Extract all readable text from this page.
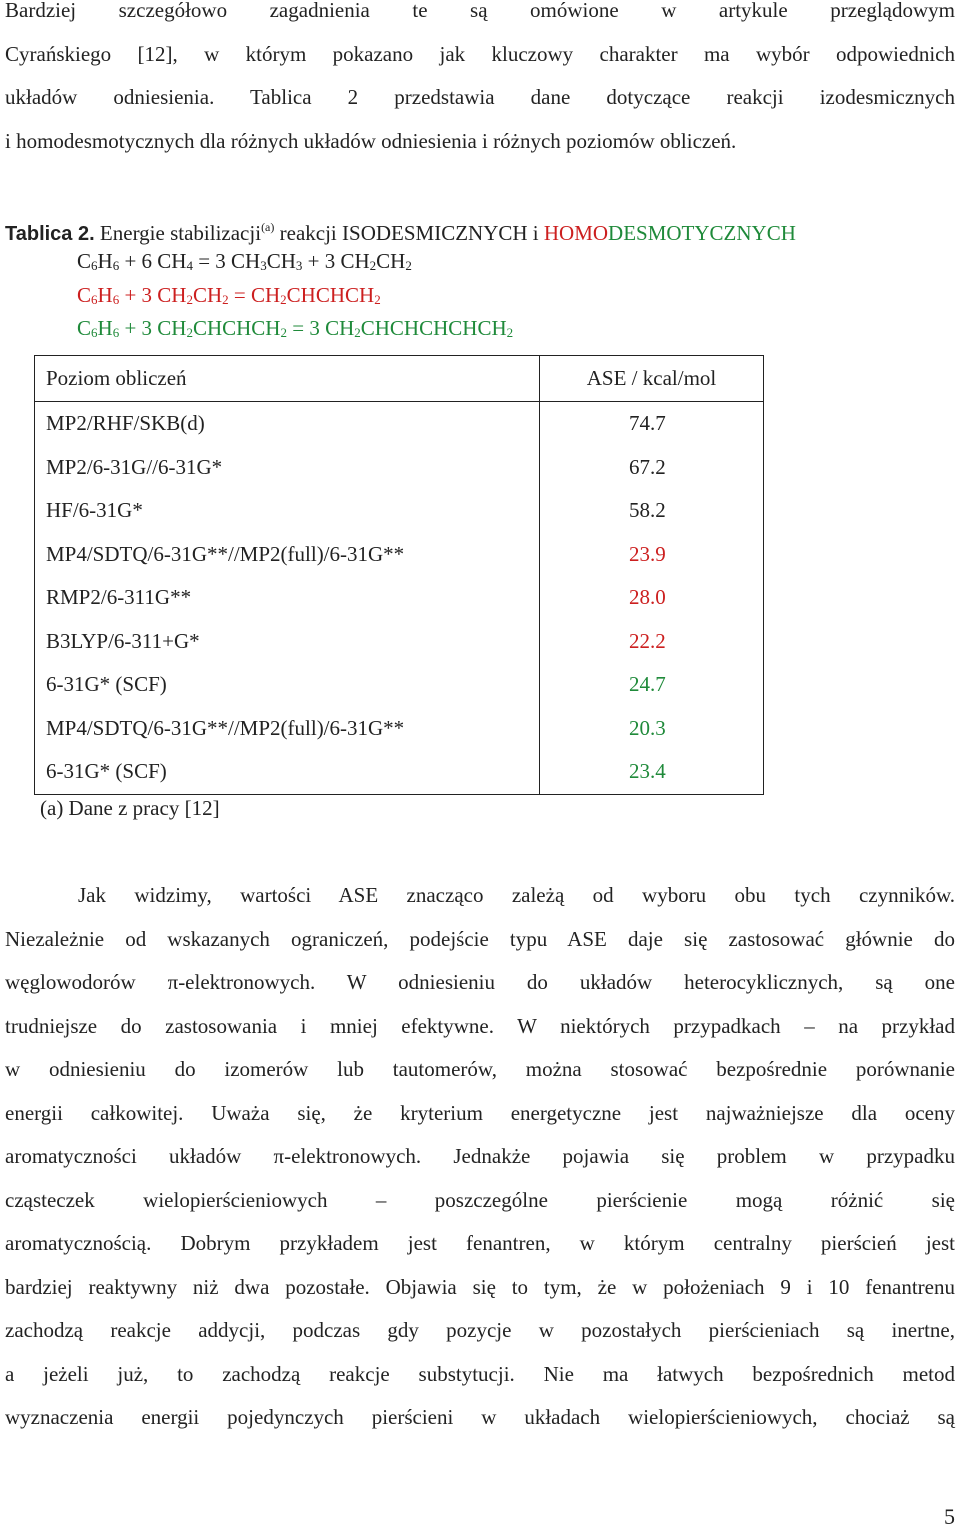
Bardziej szczegółowo zagadnienia te są omówione w artykule przeglądowym
Cyrańskiego [12], w którym pokazano jak kluczowy charakter ma wybór odpowiednich
układów odniesienia. Tablica 2 przedstawia dane dotyczące reakcji izodesmicznych
i homodesmotycznych dla różnych układów odniesienia i różnych poziomów obliczeń.

Tablica 2. Energie stabilizacji$^{(a)}$ reakcji ISODESMICZNYCH i HOMODESMOTYCZNYCH
$C_6H_6 + 6$ $CH_4 = 3$ $CH_3CH_3 + 3$ $CH_2CH_2$
$C_6H_6 + 3$ $CH_2CH_2$ = $CH_2CHCHCH_2$
$C_6H_6 + 3$ $CH_2CHCHCH_2 = 3$ $CH_2CHCHCHCHCH_2$
Poziom obliczeń	ASE / kcal/mol
MP2/RHF/SKB(d)	74.7
MP2/6-31G//6-31G*	67.2
HF/6-31G*	58.2
MP4/SDTQ/6-31G**//MP2(full)/6-31G**	23.9
RMP2/6-311G**	28.0
B3LYP/6-311+G*	22.2
6-31G* (SCF)	24.7
MP4/SDTQ/6-31G**//MP2(full)/6-31G**	20.3
6-31G* (SCF)	23.4
(a) Dane z pracy [12]

Jak widzimy, wartości ASE znacząco zależą od wyboru obu tych czynników.
Niezależnie od wskazanych ograniczeń, podejście typu ASE daje się zastosować głównie do
węglowodorów π-elektronowych. W odniesieniu do układów heterocyklicznych, są one
trudniejsze do zastosowania i mniej efektywne. W niektórych przypadkach – na przykład
w odniesieniu do izomerów lub tautomerów, można stosować bezpośrednie porównanie
energii całkowitej. Uważa się, że kryterium energetyczne jest najważniejsze dla oceny
aromatyczności układów π-elektronowych. Jednakże pojawia się problem w przypadku
cząsteczek wielopierścieniowych – poszczególne pierścienie mogą różnić się
aromatycznością. Dobrym przykładem jest fenantren, w którym centralny pierścień jest
bardziej reaktywny niż dwa pozostałe. Objawia się to tym, że w położeniach 9 i 10 fenantrenu
zachodzą reakcje addycji, podczas gdy pozycje w pozostałych pierścieniach są inertne,
a jeżeli już, to zachodzą reakcje substytucji. Nie ma łatwych bezpośrednich metod
wyznaczenia energii pojedynczych pierścieni w układach wielopierścieniowych, chociaż są

5
